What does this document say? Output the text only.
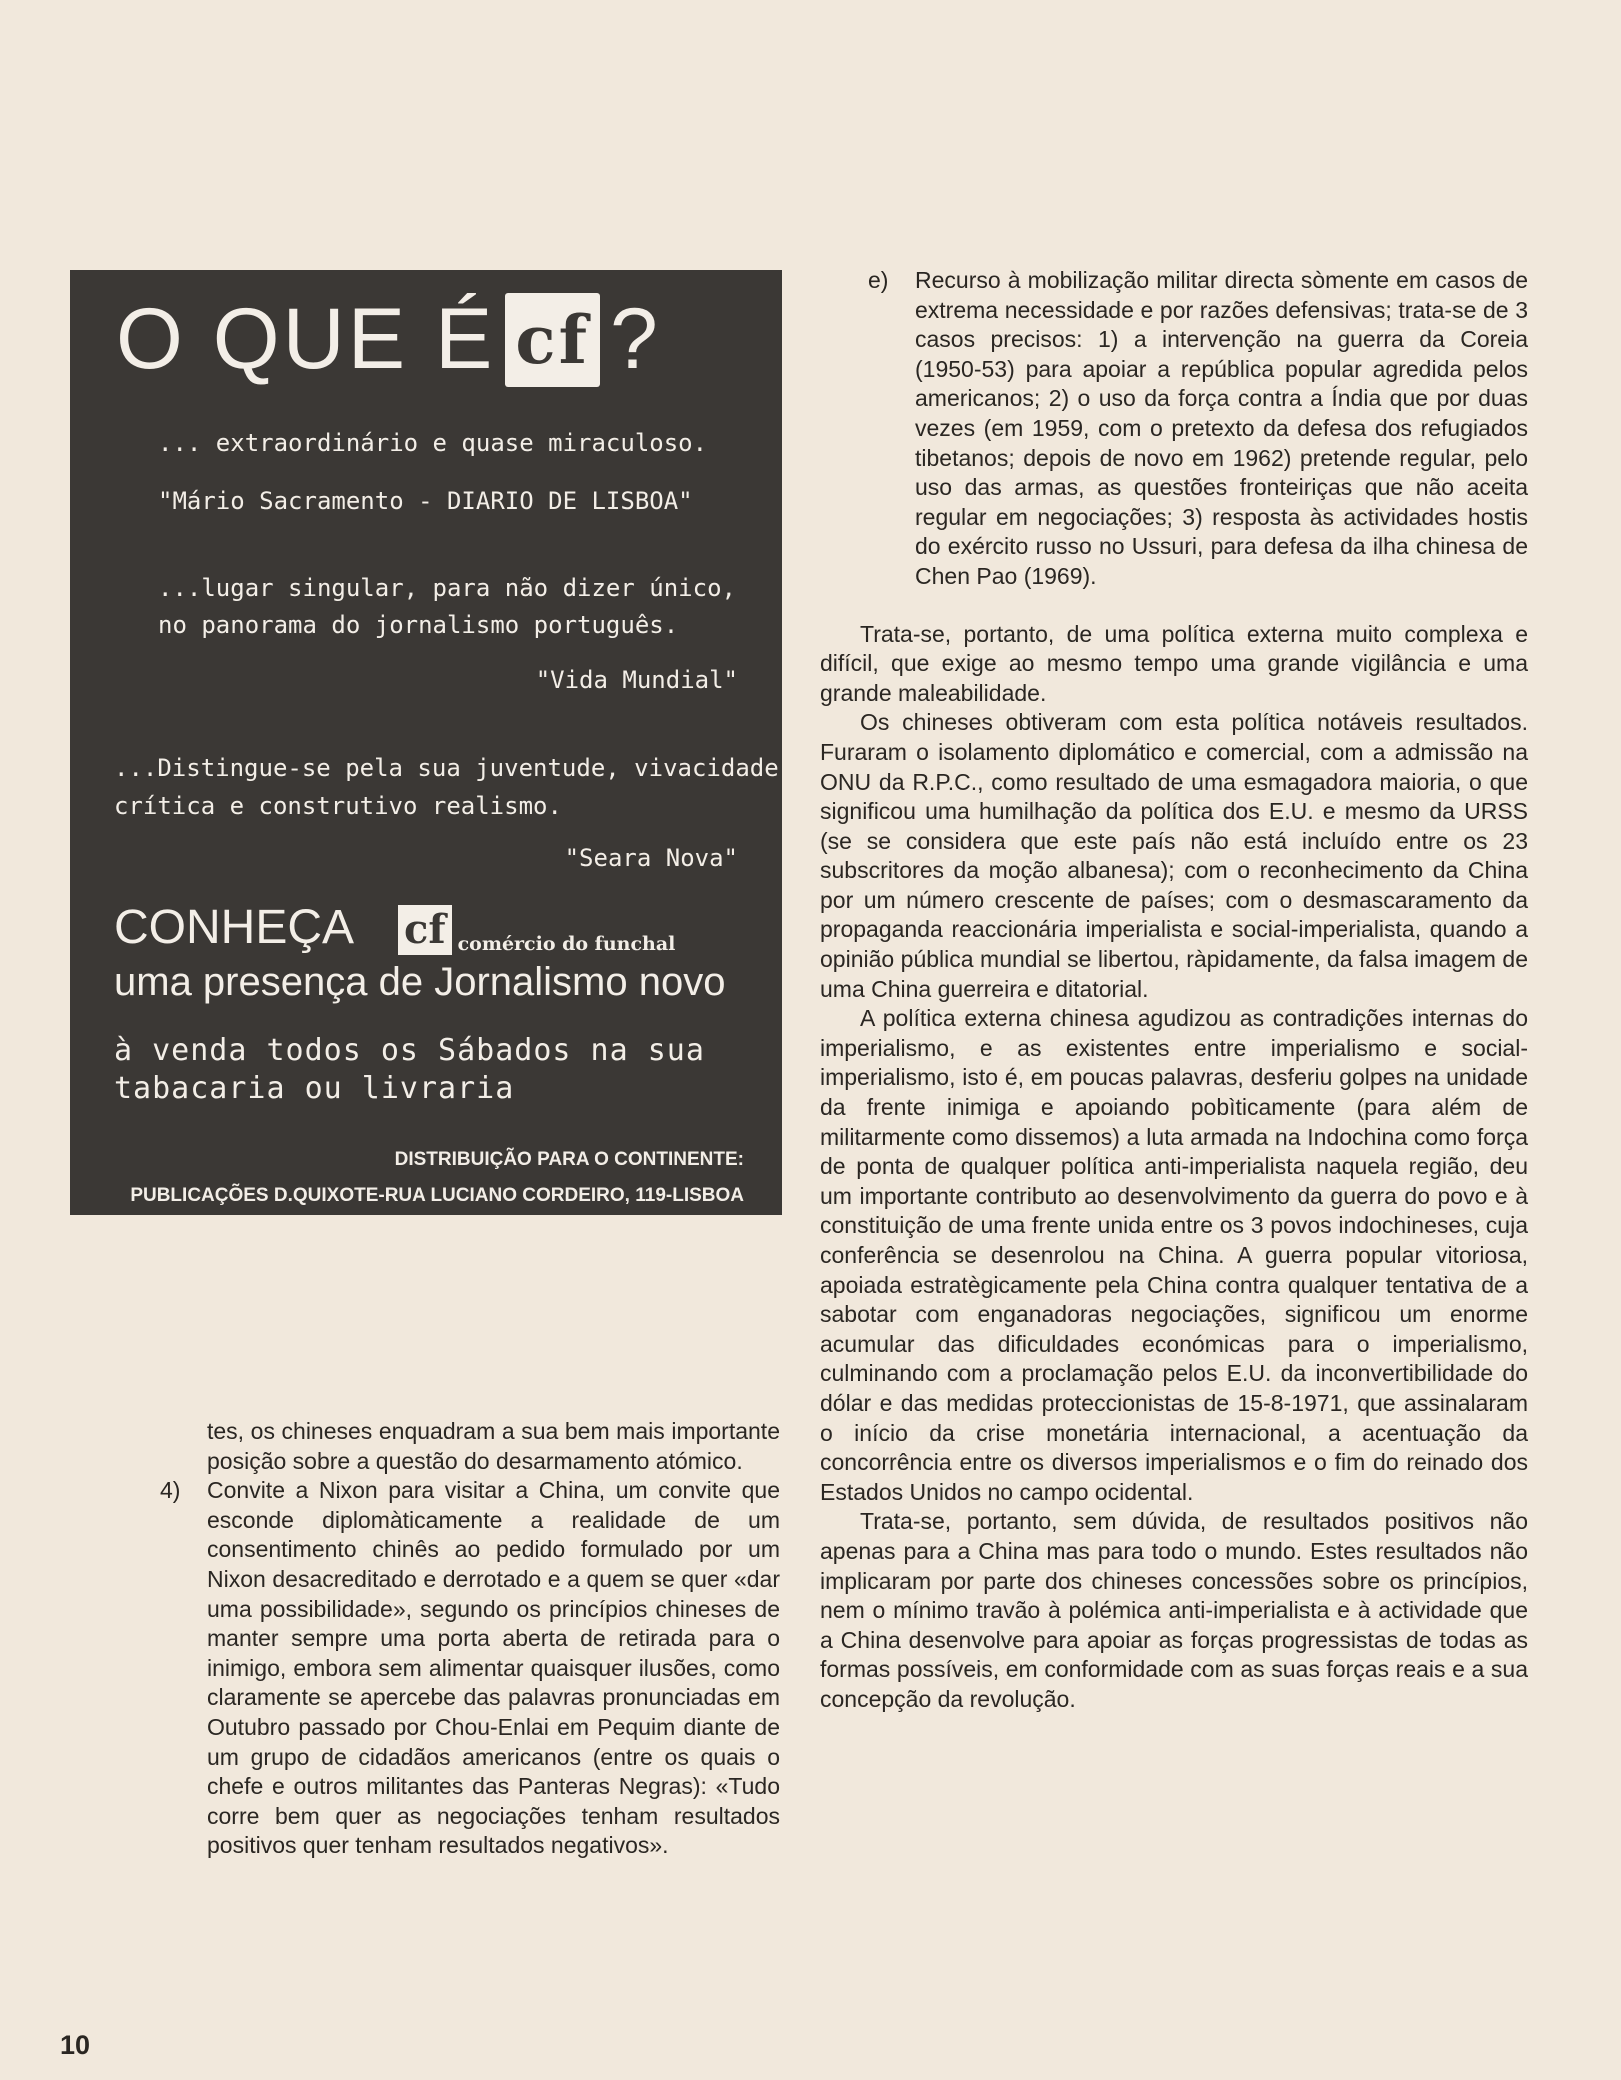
O QUE É cf ?
... extraordinário e quase miraculoso.
"Mário Sacramento - DIARIO DE LISBOA"
...lugar singular, para não dizer único,
no panorama do jornalismo português.
"Vida Mundial"
...Distingue-se pela sua juventude, vivacidade
crítica e construtivo realismo.
"Seara Nova"
CONHEÇA cf comércio do funchal
uma presença de Jornalismo novo
à venda todos os Sábados na sua tabacaria ou livraria
DISTRIBUIÇÃO PARA O CONTINENTE:
PUBLICAÇÕES D.QUIXOTE-RUA LUCIANO CORDEIRO, 119-LISBOA

tes, os chineses enquadram a sua bem mais importante posição sobre a questão do desarmamento atómico.

4) Convite a Nixon para visitar a China, um convite que esconde diplomàticamente a realidade de um consentimento chinês ao pedido formulado por um Nixon desacreditado e derrotado e a quem se quer «dar uma possibilidade», segundo os princípios chineses de manter sempre uma porta aberta de retirada para o inimigo, embora sem alimentar quaisquer ilusões, como claramente se apercebe das palavras pronunciadas em Outubro passado por Chou-Enlai em Pequim diante de um grupo de cidadãos americanos (entre os quais o chefe e outros militantes das Panteras Negras): «Tudo corre bem quer as negociações tenham resultados positivos quer tenham resultados negativos».

e) Recurso à mobilização militar directa sòmente em casos de extrema necessidade e por razões defensivas; trata-se de 3 casos precisos: 1) a intervenção na guerra da Coreia (1950-53) para apoiar a república popular agredida pelos americanos; 2) o uso da força contra a Índia que por duas vezes (em 1959, com o pretexto da defesa dos refugiados tibetanos; depois de novo em 1962) pretende regular, pelo uso das armas, as questões fronteiriças que não aceita regular em negociações; 3) resposta às actividades hostis do exército russo no Ussuri, para defesa da ilha chinesa de Chen Pao (1969).

Trata-se, portanto, de uma política externa muito complexa e difícil, que exige ao mesmo tempo uma grande vigilância e uma grande maleabilidade.

Os chineses obtiveram com esta política notáveis resultados. Furaram o isolamento diplomático e comercial, com a admissão na ONU da R.P.C., como resultado de uma esmagadora maioria, o que significou uma humilhação da política dos E.U. e mesmo da URSS (se se considera que este país não está incluído entre os 23 subscritores da moção albanesa); com o reconhecimento da China por um número crescente de países; com o desmascaramento da propaganda reaccionária imperialista e social-imperialista, quando a opinião pública mundial se libertou, ràpidamente, da falsa imagem de uma China guerreira e ditatorial.

A política externa chinesa agudizou as contradições internas do imperialismo, e as existentes entre imperialismo e social-imperialismo, isto é, em poucas palavras, desferiu golpes na unidade da frente inimiga e apoiando pobìticamente (para além de militarmente como dissemos) a luta armada na Indochina como força de ponta de qualquer política anti-imperialista naquela região, deu um importante contributo ao desenvolvimento da guerra do povo e à constituição de uma frente unida entre os 3 povos indochineses, cuja conferência se desenrolou na China. A guerra popular vitoriosa, apoiada estratègicamente pela China contra qualquer tentativa de a sabotar com enganadoras negociações, significou um enorme acumular das dificuldades económicas para o imperialismo, culminando com a proclamação pelos E.U. da inconvertibilidade do dólar e das medidas proteccionistas de 15-8-1971, que assinalaram o início da crise monetária internacional, a acentuação da concorrência entre os diversos imperialismos e o fim do reinado dos Estados Unidos no campo ocidental.

Trata-se, portanto, sem dúvida, de resultados positivos não apenas para a China mas para todo o mundo. Estes resultados não implicaram por parte dos chineses concessões sobre os princípios, nem o mínimo travão à polémica anti-imperialista e à actividade que a China desenvolve para apoiar as forças progressistas de todas as formas possíveis, em conformidade com as suas forças reais e a sua concepção da revolução.

10
